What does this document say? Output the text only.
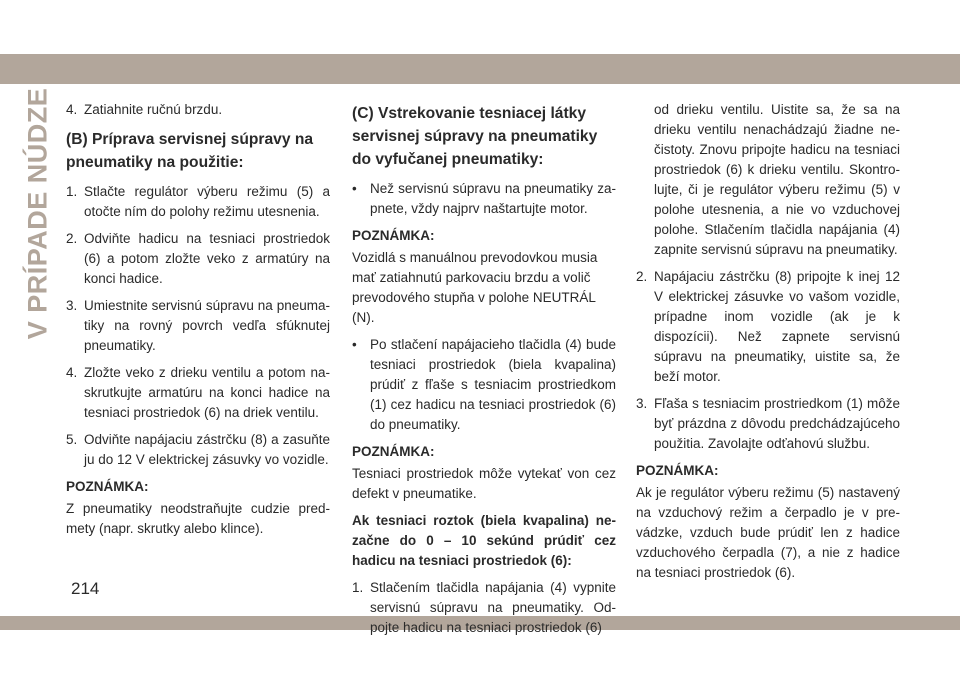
V PRÍPADE NÚDZE 4. Zatiahnite ručnú brzdu.

(B) Príprava servisnej súpravy na pneumatiky na použitie:

1. Stlačte regulátor výberu režimu (5) a otočte ním do polohy režimu utesnenia.

2. Odviňte hadicu na tesniaci prostriedok (6) a potom zložte veko z armatúry na konci hadice.

3. Umiestnite servisnú súpravu na pneumatiky na rovný povrch vedľa sfúknutej pneumatiky.

4. Zložte veko z drieku ventilu a potom naskrutkujte armatúru na konci hadice na tesniaci prostriedok (6) na driek ventilu.

5. Odviňte napájaciu zástrčku (8) a zasuňte ju do 12 V elektrickej zásuvky vo vozidle.

POZNÁMKA:

Z pneumatiky neodstraňujte cudzie predmety (napr. skrutky alebo klince).

(C) Vstrekovanie tesniacej látky servisnej súpravy na pneumatiky do vyfučanej pneumatiky:

• Než servisnú súpravu na pneumatiky zapnete, vždy najprv naštartujte motor.

POZNÁMKA:

Vozidlá s manuálnou prevodovkou musia mať zatiahnutú parkovaciu brzdu a volič prevodového stupňa v polohe NEUTRÁL (N).

• Po stlačení napájacieho tlačidla (4) bude tesniaci prostriedok (biela kvapalina) prúdiť z fľaše s tesniacim prostriedkom (1) cez hadicu na tesniaci prostriedok (6) do pneumatiky.

POZNÁMKA:

Tesniaci prostriedok môže vytekať von cez defekt v pneumatike.

Ak tesniaci roztok (biela kvapalina) nezačne do 0 – 10 sekúnd prúdiť cez hadicu na tesniaci prostriedok (6):

1. Stlačením tlačidla napájania (4) vypnite servisnú súpravu na pneumatiky. Odpojte hadicu na tesniaci prostriedok (6)

od drieku ventilu. Uistite sa, že sa na drieku ventilu nenachádzajú žiadne nečistoty. Znovu pripojte hadicu na tesniaci prostriedok (6) k drieku ventilu. Skontrolujte, či je regulátor výberu režimu (5) v polohe utesnenia, a nie vo vzduchovej polohe. Stlačením tlačidla napájania (4) zapnite servisnú súpravu na pneumatiky.

2. Napájaciu zástrčku (8) pripojte k inej 12 V elektrickej zásuvke vo vašom vozidle, prípadne inom vozidle (ak je k dispozícii). Než zapnete servisnú súpravu na pneumatiky, uistite sa, že beží motor.

3. Fľaša s tesniacim prostriedkom (1) môže byť prázdna z dôvodu predchádzajúceho použitia. Zavolajte odťahovú službu.

POZNÁMKA:

Ak je regulátor výberu režimu (5) nastavený na vzduchový režim a čerpadlo je v prevádzke, vzduch bude prúdiť len z hadice vzduchového čerpadla (7), a nie z hadice na tesniaci prostriedok (6).

214
